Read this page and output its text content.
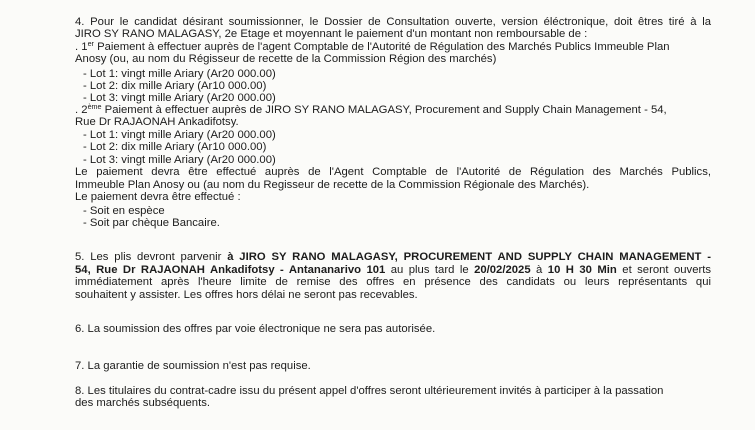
4. Pour le candidat désirant soumissionner, le Dossier de Consultation ouverte, version éléctronique, doit êtres tiré à la
JIRO SY RANO MALAGASY, 2e Etage et moyennant le paiement d'un montant non remboursable de :
. 1er Paiement à effectuer auprès de l'agent Comptable de l'Autorité de Régulation des Marchés Publics Immeuble Plan
Anosy (ou, au nom du Régisseur de recette de la Commission Région des marchés)
- Lot 1: vingt mille Ariary (Ar20 000.00)
- Lot 2: dix mille Ariary (Ar10 000.00)
- Lot 3: vingt mille Ariary (Ar20 000.00)
. 2ème Paiement à effectuer auprès de JIRO SY RANO MALAGASY, Procurement and Supply Chain Management - 54,
Rue Dr RAJAONAH Ankadifotsy.
- Lot 1: vingt mille Ariary (Ar20 000.00)
- Lot 2: dix mille Ariary (Ar10 000.00)
- Lot 3: vingt mille Ariary (Ar20 000.00)
Le paiement devra être effectué auprès de l'Agent Comptable de l'Autorité de Régulation des Marchés Publics,
Immeuble Plan Anosy ou (au nom du Regisseur de recette de la Commission Régionale des Marchés).
Le paiement devra être effectué :
- Soit en espèce
- Soit par chèque Bancaire.
5. Les plis devront parvenir à JIRO SY RANO MALAGASY, PROCUREMENT AND SUPPLY CHAIN MANAGEMENT -
54, Rue Dr RAJAONAH Ankadifotsy - Antananarivo 101 au plus tard le 20/02/2025 à 10 H 30 Min et seront ouverts
immédiatement après l'heure limite de remise des offres en présence des candidats ou leurs représentants qui
souhaitent y assister. Les offres hors délai ne seront pas recevables.
6. La soumission des offres par voie électronique ne sera pas autorisée.
7. La garantie de soumission n'est pas requise.
8. Les titulaires du contrat-cadre issu du présent appel d'offres seront ultérieurement invités à participer à la passation
des marchés subséquents.
